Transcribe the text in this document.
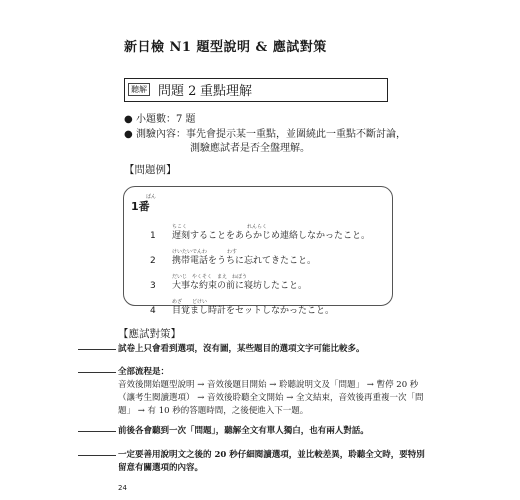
新日檢 N1 題型說明 & 應試對策
聽解 問題 2 重點理解
● 小題數：7 題
● 測驗內容：事先會提示某一重點，並圍繞此一重點不斷討論，
測驗應試者是否全盤理解。
【問題例】
ばん
1番
ちこく　　　　　　　　　　　　れんらく
1 遅刻することをあらかじめ連絡しなかったこと。
けいたいでんわ　　　　わす
2 携帯電話をうちに忘れてきたこと。
だいじ　やくそく　まえ　ねぼう
3 大事な約束の前に寝坊したこと。
めざ　　どけい
4 目覚まし時計をセットしなかったこと。
【應試對策】
試卷上只會看到選項，沒有圖，某些題目的選項文字可能比較多。
全部流程是：
音效後開始題型說明 → 音效後題目開始 → 聆聽說明文及「問題」 → 暫停 20 秒
（讓考生閱讀選項） → 音效後聆聽全文開始 → 全文結束，音效後再重複一次「問
題」 → 有 10 秒的答題時間，之後便進入下一題。
前後各會聽到一次「問題」，聽解全文有單人獨白，也有兩人對話。
一定要善用說明文之後的 20 秒仔細閱讀選項，並比較差異，聆聽全文時，要特別
留意有關選項的內容。
24
